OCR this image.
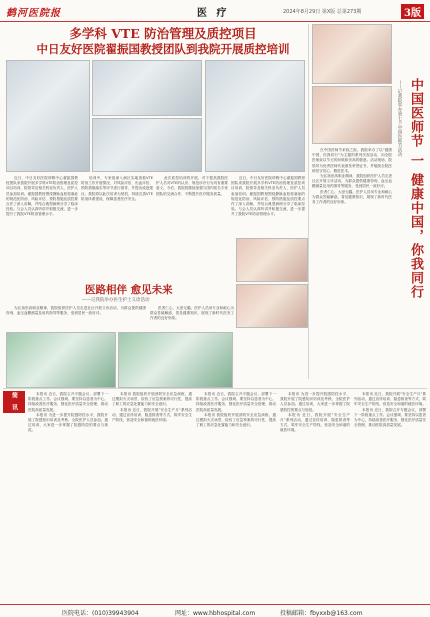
鹤河医院报	医 疗	2024年8月29日 第X版 总第273期	3版
多学科 VTE 防治管理及质控项目
中日友好医院翟振国教授团队到我院开展质控培训

近日，中日友好医院呼吸中心翟振国教授团队来我院开展多学科VTE防治管理及质控项目培训，院领导及相关科室负责人、医护人员参加培训。翟振国教授围绕静脉血栓栓塞症的规范化防治、风险评估、预防措施及质控要点作了深入讲解，并结合典型病例分享了临床经验。与会人员认真听讲并积极交流，进一步提升了我院VTE防治管理水平。

培训中，专家组深入病区实地查看VTE防治工作开展情况，对风险评估、出血评估、预防措施落实等环节进行指导，并提出改进建议。我院将以此次培训为契机，持续完善VTE防治体系建设，保障患者医疗安全。

此次质控培训的开展，对于提高我院医护人员对VTE的认识、规范诊疗行为具有重要意义。今后，我院将继续加强与国内知名专家团队的交流合作，不断提升医疗服务质量。

近日，中日友好医院呼吸中心翟振国教授团队来我院开展多学科VTE防治管理及质控项目培训，院领导及相关科室负责人、医护人员参加培训。翟振国教授围绕静脉血栓栓塞症的规范化防治、风险评估、预防措施及质控要点作了深入讲解，并结合典型病例分享了临床经验。与会人员认真听讲并积极交流，进一步提升了我院VTE防治管理水平。	中国医师节 一 健康中国，你我同行
——记我院举办第七个中国医师节活动

在中国医师节来临之际，我院举办了以“健康中国，你我同行”为主题的系列庆祝活动，向全院医师致以节日的问候和崇高的敬意。活动现场，院领导为优秀医师代表颁发荣誉证书，并勉励全院医师坚守初心、精进医术。

为弘扬崇高职业精神，我院组织医护人员走进社区开展义诊活动，为群众提供健康咨询、血压血糖测量及用药指导等服务，受到居民一致好评。

医者仁心，大爱无疆。医护人员用专业和耐心为群众答疑解惑，普及健康知识，展现了新时代医务工作者的良好形象。

医路相伴 愈见未来
——记我院举办医生护士义诊活动

为弘扬崇高职业精神，我院组织医护人员走进社区开展义诊活动，为群众提供健康咨询、血压血糖测量及用药指导等服务，受到居民一致好评。

医者仁心，大爱无疆。医护人员用专业和耐心为群众答疑解惑，普及健康知识，展现了新时代医务工作者的良好形象。

简 讯	本报讯 近日，我院召开专题会议，部署下一阶段重点工作。会议强调，要坚持以患者为中心，持续改善医疗服务，强化医疗质量安全管理，推动医院高质量发展。

本报讯 为进一步提升院感防控水平，我院开展了院感知识培训及考核，全院医护人员参加。通过培训，大家进一步掌握了院感防控的要点与规范。

本报讯 我院组织开展消防安全应急演练，通过模拟火灾场景，检验了应急预案的可行性，提高了职工的应急处置能力和安全意识。

本报讯 近日，我院开展“安全生产月”系列活动，通过宣传培训、隐患排查等方式，筑牢安全生产防线，营造安全和谐的就医环境。

本报讯 近日，我院召开专题会议，部署下一阶段重点工作。会议强调，要坚持以患者为中心，持续改善医疗服务，强化医疗质量安全管理，推动医院高质量发展。

本报讯 我院组织开展消防安全应急演练，通过模拟火灾场景，检验了应急预案的可行性，提高了职工的应急处置能力和安全意识。

本报讯 为进一步提升院感防控水平，我院开展了院感知识培训及考核，全院医护人员参加。通过培训，大家进一步掌握了院感防控的要点与规范。

本报讯 近日，我院开展“安全生产月”系列活动，通过宣传培训、隐患排查等方式，筑牢安全生产防线，营造安全和谐的就医环境。

本报讯 近日，我院开展“安全生产月”系列活动，通过宣传培训、隐患排查等方式，筑牢安全生产防线，营造安全和谐的就医环境。

本报讯 近日，我院召开专题会议，部署下一阶段重点工作。会议强调，要坚持以患者为中心，持续改善医疗服务，强化医疗质量安全管理，推动医院高质量发展。

医院电话：(010)39943904	网址：www.hbhospital.com	投稿邮箱：fbyxxb@163.com
